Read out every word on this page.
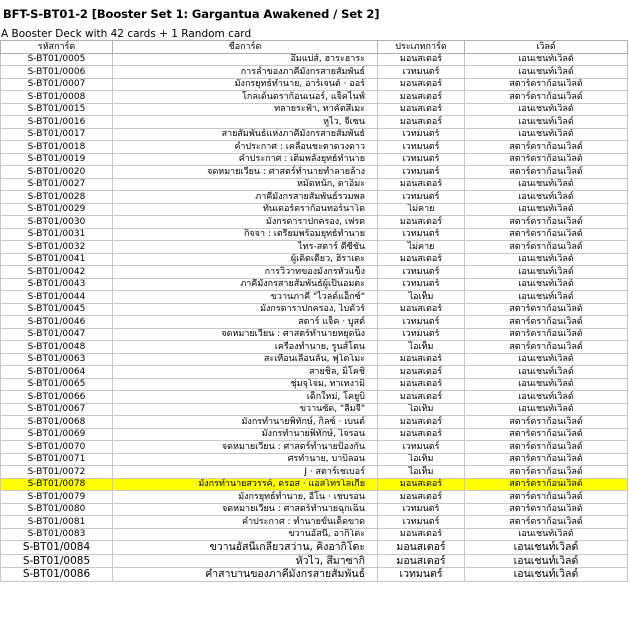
BFT-S-BT01-2 [Booster Set 1: Gargantua Awakened / Set 2]
A Booster Deck with 42 cards + 1 Random card
รหัสการ์ด	ชื่อการ์ด	ประเภทการ์ด	เวิลด์
S-BT01/0005	อึ้มแบ่ส์, ฮาระฮาระ	มอนสเตอร์	เอนเชนท์เวิลด์
S-BT01/0006	การลำของภาคีมังกรสายสัมพันธ์	เวทมนตร์	เอนเชนท์เวิลด์
S-BT01/0007	มังกรยุทธ์ทำนาย, อาร์เจนต์ · ออร์	มอนสเตอร์	สตาร์ดราก้อนเวิลด์
S-BT01/0008	โกลเด้นดราก้อนเนอร์, แจ็คไนฟ์	มอนสเตอร์	สตาร์ดราก้อนเวิลด์
S-BT01/0015	ทลายระฟ้า, ทาคัตสึเมะ	มอนสเตอร์	เอนเชนท์เวิลด์
S-BT01/0016	หูไว, จีเซน	มอนสเตอร์	เอนเชนท์เวิลด์
S-BT01/0017	สายสัมพันธ์แห่งภาคีมังกรสายสัมพันธ์	เวทมนตร์	เอนเชนท์เวิลด์
S-BT01/0018	คำประกาศ : เคลื่อนชะตาดวงดาว	เวทมนตร์	สตาร์ดราก้อนเวิลด์
S-BT01/0019	คำประกาศ : เติมพลังยุทธ์ทำนาย	เวทมนตร์	สตาร์ดราก้อนเวิลด์
S-BT01/0020	จดหมายเวียน : ศาสตร์ทำนายทำลายล้าง	เวทมนตร์	สตาร์ดราก้อนเวิลด์
S-BT01/0027	หมัดหนัก, ดาอิมะ	มอนสเตอร์	เอนเชนท์เวิลด์
S-BT01/0028	ภาคีมังกรสายสัมพันธ์รวมพล	เวทมนตร์	เอนเชนท์เวิลด์
S-BT01/0029	ทันเดอร์ดราก้อนทอร์นาโด	ไม่คาย	เอนเชนท์เวิลด์
S-BT01/0030	มังกรดาราปกครอง, เฟรต	มอนสเตอร์	สตาร์ดราก้อนเวิลด์
S-BT01/0031	กิจจา : เตรียมพร้อมยุทธ์ทำนาย	เวทมนตร์	สตาร์ดราก้อนเวิลด์
S-BT01/0032	ไทร-สตาร์ ดีซีชั่น	ไม่คาย	สตาร์ดราก้อนเวิลด์
S-BT01/0041	ผู้เด็ดเดี่ยว, ฮิราเตะ	มอนสเตอร์	เอนเชนท์เวิลด์
S-BT01/0042	การวิวาทของมังกรหัวแข็ง	เวทมนตร์	เอนเชนท์เวิลด์
S-BT01/0043	ภาคีมังกรสายสัมพันธ์ผู้เป็นอมตะ	เวทมนตร์	เอนเชนท์เวิลด์
S-BT01/0044	ขวานภาคี "ไวลด์แอ็กซ์"	ไอเท็ม	เอนเชนท์เวิลด์
S-BT01/0045	มังกรดาราปกครอง, ไบดัวร์	มอนสเตอร์	สตาร์ดราก้อนเวิลด์
S-BT01/0046	สตาร์ แจ็ค · บูสต์	เวทมนตร์	สตาร์ดราก้อนเวิลด์
S-BT01/0047	จดหมายเวียน : ศาสตร์ทำนายหยุดนิ่ง	เวทมนตร์	สตาร์ดราก้อนเวิลด์
S-BT01/0048	เครื่องทำนาย, รูนส์โตน	ไอเท็ม	สตาร์ดราก้อนเวิลด์
S-BT01/0063	สะเทือนเลื่อนลั่น, ฟุโตโมะ	มอนสเตอร์	เอนเชนท์เวิลด์
S-BT01/0064	สายชิล, มิโคชิ	มอนสเตอร์	เอนเชนท์เวิลด์
S-BT01/0065	ชุ่มจุโจม, ทาเทงามิ	มอนสเตอร์	เอนเชนท์เวิลด์
S-BT01/0066	เด็กใหม่, โคยูบิ	มอนสเตอร์	เอนเชนท์เวิลด์
S-BT01/0067	ขวานซัด, "ลีมจี"	ไอเท็ม	เอนเชนท์เวิลด์
S-BT01/0068	มังกรทำนายพิทักษ์, กิลซ์ · เบนต์	มอนสเตอร์	สตาร์ดราก้อนเวิลด์
S-BT01/0069	มังกรทำนายพิทักษ์, ไจรอน	มอนสเตอร์	สตาร์ดราก้อนเวิลด์
S-BT01/0070	จดหมายเวียน : ศาสตร์ทำนายป้องกัน	เวทมนตร์	สตาร์ดราก้อนเวิลด์
S-BT01/0071	ศรทำนาย, บาบิลอน	ไอเท็ม	สตาร์ดราก้อนเวิลด์
S-BT01/0072	J · สตาร์เชเบอร์	ไอเท็ม	สตาร์ดราก้อนเวิลด์
S-BT01/0078	มังกรทำนายสวรรค์, ดรอส · แอสโทรโลเกีย	มอนสเตอร์	สตาร์ดราก้อนเวิลด์
S-BT01/0079	มังกรยุทธ์ทำนาย, อีโน · เชบรอน	มอนสเตอร์	สตาร์ดราก้อนเวิลด์
S-BT01/0080	จดหมายเวียน : ศาสตร์ทำนายฉุกเฉิน	เวทมนตร์	สตาร์ดราก้อนเวิลด์
S-BT01/0081	คำประกาศ : ทำนายขั้นเด็ดขาด	เวทมนตร์	สตาร์ดราก้อนเวิลด์
S-BT01/0083	ขวานอัสนี, อากิโดะ	มอนสเตอร์	เอนเชนท์เวิลด์
S-BT01/0084	ขวานอัสนีเกลียวสว่าน, คิงอากิโดะ	มอนสเตอร์	เอนเชนท์เวิลด์
S-BT01/0085	หัวไว, สึมาซากิ	มอนสเตอร์	เอนเชนท์เวิลด์
S-BT01/0086	คำสาบานของภาคีมังกรสายสัมพันธ์	เวทมนตร์	เอนเชนท์เวิลด์
